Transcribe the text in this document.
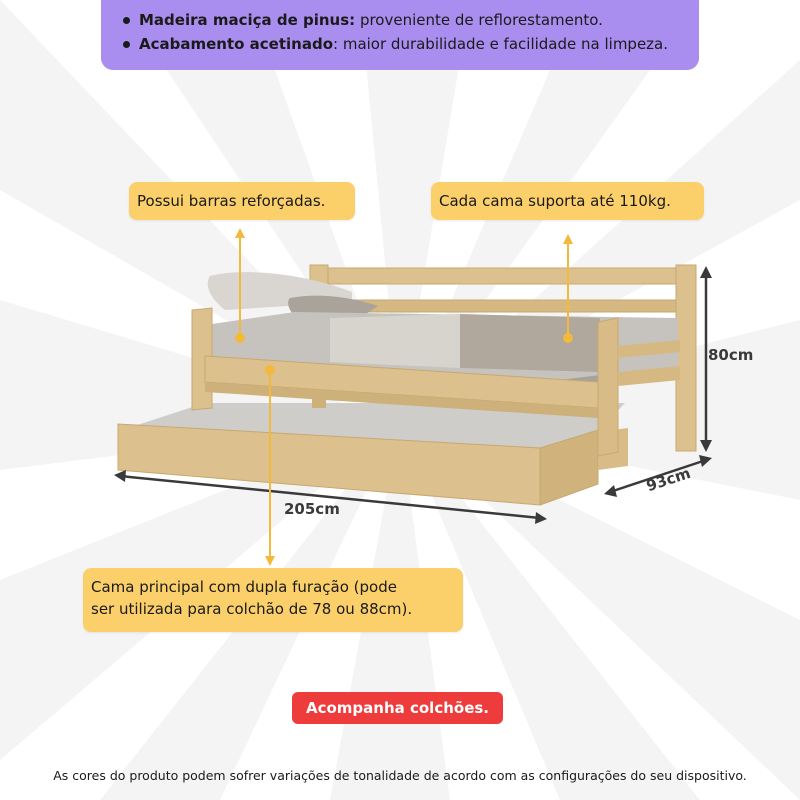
Madeira maciça de pinus: proveniente de reflorestamento.
Acabamento acetinado: maior durabilidade e facilidade na limpeza.
Possui barras reforçadas.	Cada cama suporta até 110kg.
Cama principal com dupla furação (pode
ser utilizada para colchão de 78 ou 88cm).
80cm
205cm
93cm
Acompanha colchões.
As cores do produto podem sofrer variações de tonalidade de acordo com as configurações do seu dispositivo.
